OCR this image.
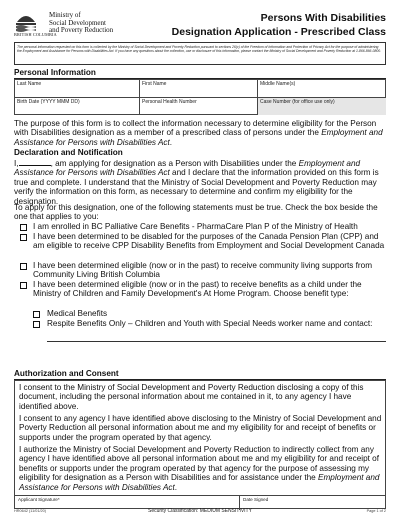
BRITISH COLUMBIA
Ministry of
Social Development
and Poverty Reduction
Persons With Disabilities
Designation Application - Prescribed Class
The personal information requested on this form is collected by the Ministry of Social Development and Poverty Reduction pursuant to sections 26(c) of the Freedom of Information and Protection of Privacy Act for the purpose of administering the Employment and Assistance for Persons with Disabilities Act. If you have any questions about the collection, use or disclosure of this information, please contact the Ministry of Social Development and Poverty Reduction at 1-866-866-0800.
Personal Information
Last Name	First Name	Middle Name(s)
Birth Date (YYYY MMM DD)	Personal Health Number	Case Number (for office use only)
The purpose of this form is to collect the information necessary to determine eligibility for the Person with Disabilities designation as a member of a prescribed class of persons under the Employment and Assistance for Persons with Disabilities Act.
Declaration and Notification
I,	, am applying for designation as a Person with Disabilities under the Employment and Assistance for Persons with Disabilities Act and I declare that the information provided on this form is true and complete. I understand that the Ministry of Social Development and Poverty Reduction may verify the information on this form, as necessary to determine and confirm my eligibility for the designation.
To apply for this designation, one of the following statements must be true. Check the box beside the one that applies to you:
I am enrolled in BC Palliative Care Benefits - PharmaCare Plan P of the Ministry of Health
I have been determined to be disabled for the purposes of the Canada Pension Plan (CPP) and am eligible to receive CPP Disability Benefits from Employment and Social Development Canada
I have been determined eligible (now or in the past) to receive community living supports from Community Living British Columbia
I have been determined eligible (now or in the past) to receive benefits as a child under the Ministry of Children and Family Development's At Home Program. Choose benefit type:
Medical Benefits
Respite Benefits Only – Children and Youth with Special Needs worker name and contact:
Authorization and Consent
I consent to the Ministry of Social Development and Poverty Reduction disclosing a copy of this document, including the personal information about me contained in it, to any agency I have identified above.
I consent to any agency I have identified above disclosing to the Ministry of Social Development and Poverty Reduction all personal information about me and my eligibility for and receipt of benefits or supports under the program operated by that agency.
I authorize the Ministry of Social Development and Poverty Reduction to indirectly collect from any agency I have identified above all personal information about me and my eligibility for and receipt of benefits or supports under the program operated by that agency for the purpose of assessing my eligibility for designation as a Person with Disabilities and for assistance under the Employment and Assistance for Persons with Disabilities Act.
Applicant Signature*	Date Signed
HR0642 (11/01/20)	Security Classification: MEDIUM SENSITIVITY	Page 1 of 2
